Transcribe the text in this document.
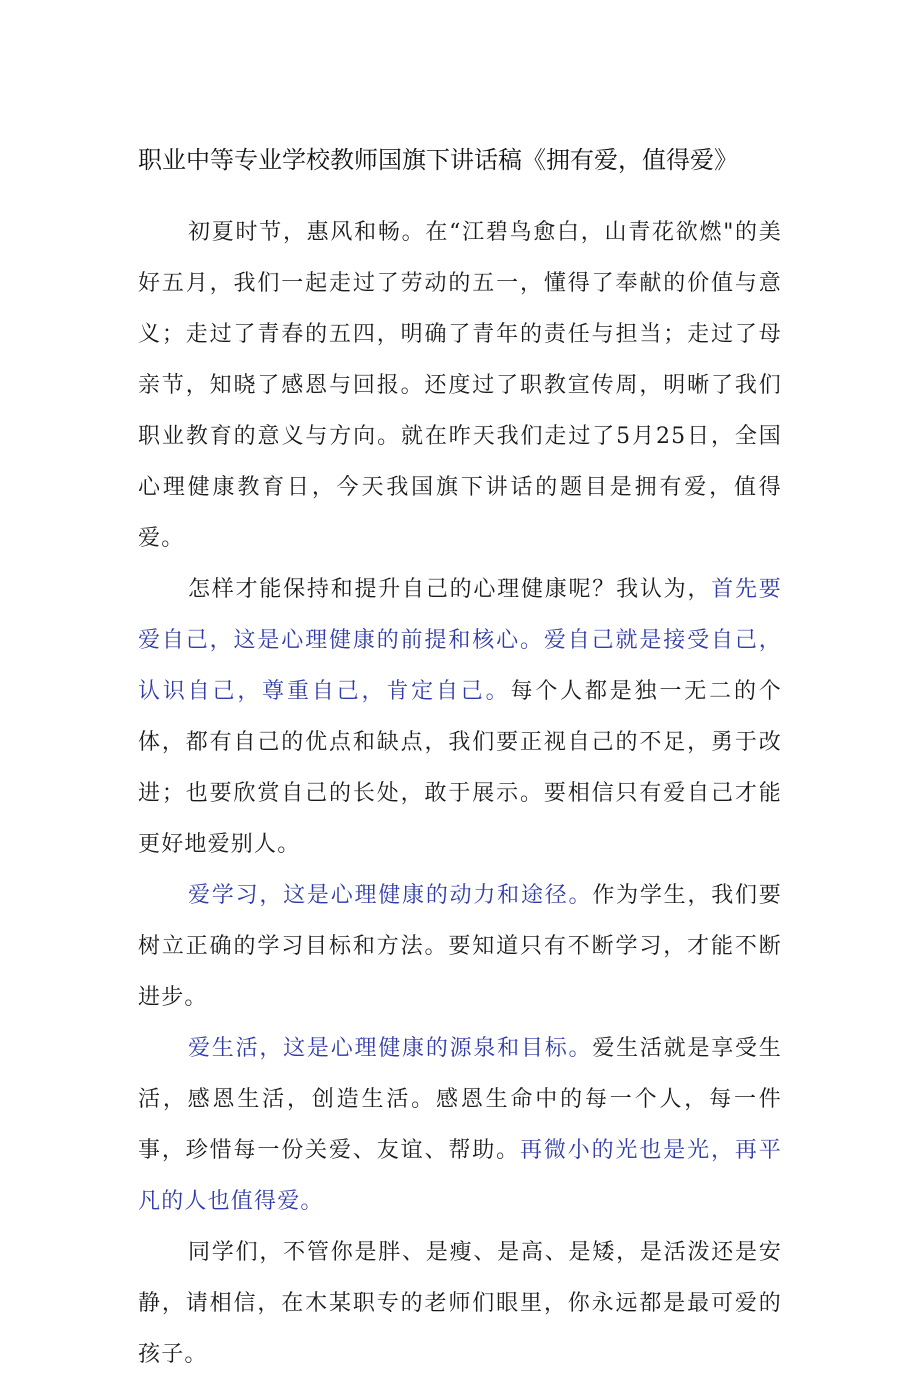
职业中等专业学校教师国旗下讲话稿《拥有爱，值得爱》

初夏时节，惠风和畅。在“江碧鸟愈白，山青花欲燃"的美好五月，我们一起走过了劳动的五一，懂得了奉献的价值与意义；走过了青春的五四，明确了青年的责任与担当；走过了母亲节，知晓了感恩与回报。还度过了职教宣传周，明晰了我们职业教育的意义与方向。就在昨天我们走过了5月25日，全国心理健康教育日，今天我国旗下讲话的题目是拥有爱，值得爱。

怎样才能保持和提升自己的心理健康呢？我认为，首先要爱自己，这是心理健康的前提和核心。爱自己就是接受自己，认识自己，尊重自己，肯定自己。每个人都是独一无二的个体，都有自己的优点和缺点，我们要正视自己的不足，勇于改进；也要欣赏自己的长处，敢于展示。要相信只有爱自己才能更好地爱别人。

爱学习，这是心理健康的动力和途径。作为学生，我们要树立正确的学习目标和方法。要知道只有不断学习，才能不断进步。

爱生活，这是心理健康的源泉和目标。爱生活就是享受生活，感恩生活，创造生活。感恩生命中的每一个人，每一件事，珍惜每一份关爱、友谊、帮助。再微小的光也是光，再平凡的人也值得爱。

同学们，不管你是胖、是瘦、是高、是矮，是活泼还是安静，请相信，在木某职专的老师们眼里，你永远都是最可爱的孩子。
